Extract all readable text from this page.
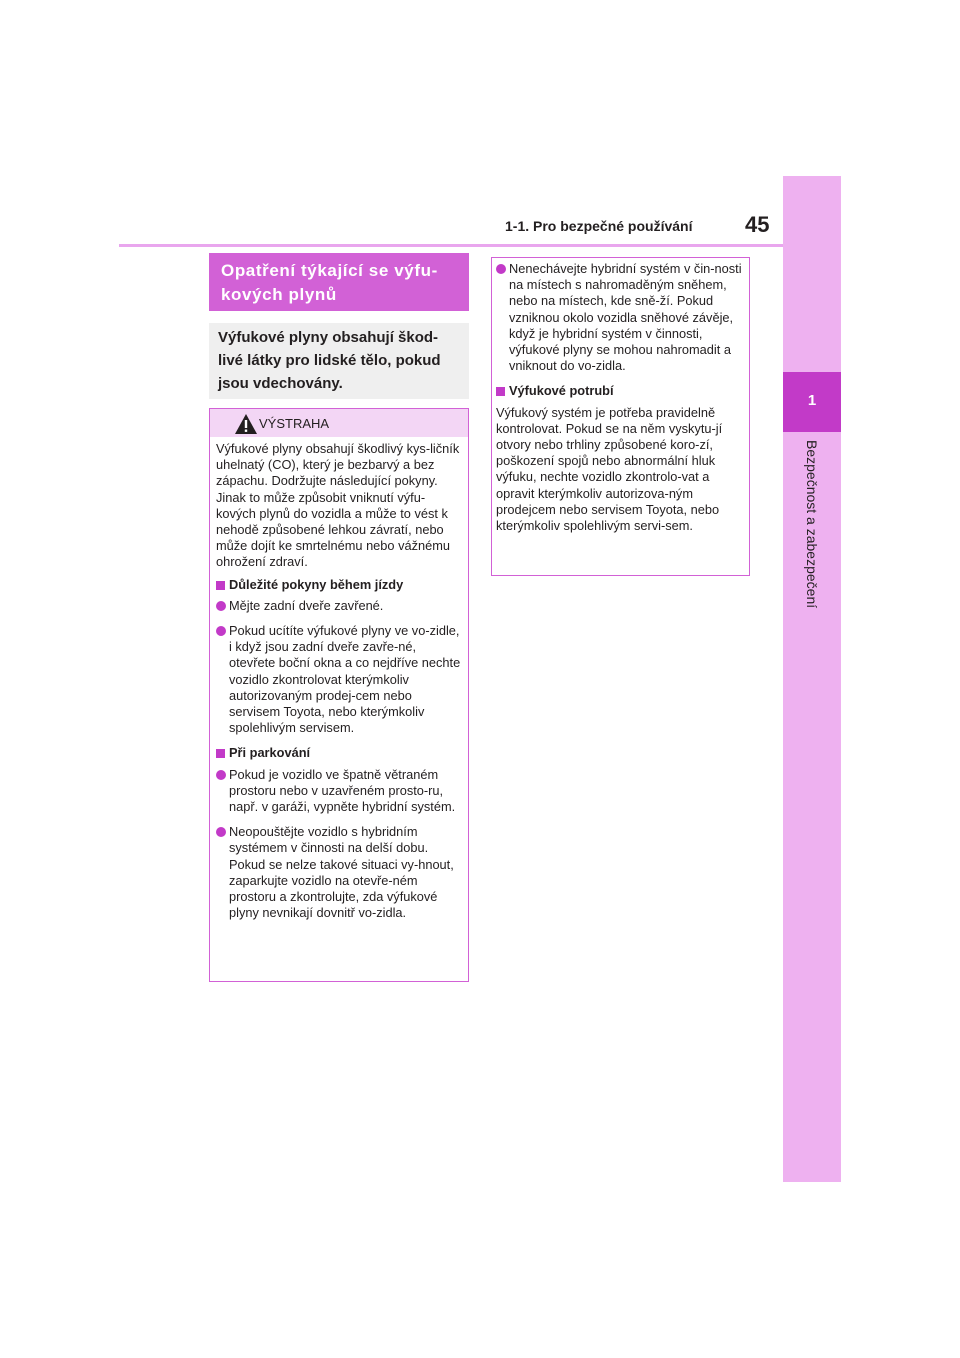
1-1. Pro bezpečné používání 45
1
Bezpečnost a zabezpečení
Opatření týkající se výfu-kových plynů
Výfukové plyny obsahují škod-livé látky pro lidské tělo, pokud jsou vdechovány.
VÝSTRAHA

Výfukové plyny obsahují škodlivý kys-ličník uhelnatý (CO), který je bezbarvý a bez zápachu. Dodržujte následující pokyny.

Jinak to může způsobit vniknutí výfu-kových plynů do vozidla a může to vést k nehodě způsobené lehkou závratí, nebo může dojít ke smrtelnému nebo vážnému ohrožení zdraví.

Důležité pokyny během jízdy
Mějte zadní dveře zavřené.
Pokud ucítíte výfukové plyny ve vo-zidle, i když jsou zadní dveře zavře-né, otevřete boční okna a co nejdříve nechte vozidlo zkontrolovat kterýmkoliv autorizovaným prodej-cem nebo servisem Toyota, nebo kterýmkoliv spolehlivým servisem.
Při parkování
Pokud je vozidlo ve špatně větraném prostoru nebo v uzavřeném prosto-ru, např. v garáži, vypněte hybridní systém.
Neopouštějte vozidlo s hybridním systémem v činnosti na delší dobu. Pokud se nelze takové situaci vy-hnout, zaparkujte vozidlo na otevře-ném prostoru a zkontrolujte, zda výfukové plyny nevnikají dovnitř vo-zidla.
Nenechávejte hybridní systém v čin-nosti na místech s nahromaděným sněhem, nebo na místech, kde sně-ží. Pokud vzniknou okolo vozidla sněhové závěje, když je hybridní systém v činnosti, výfukové plyny se mohou nahromadit a vniknout do vo-zidla.
Výfukové potrubí

Výfukový systém je potřeba pravidelně kontrolovat. Pokud se na něm vyskytu-jí otvory nebo trhliny způsobené koro-zí, poškození spojů nebo abnormální hluk výfuku, nechte vozidlo zkontrolo-vat a opravit kterýmkoliv autorizova-ným prodejcem nebo servisem Toyota, nebo kterýmkoliv spolehlivým servi-sem.
